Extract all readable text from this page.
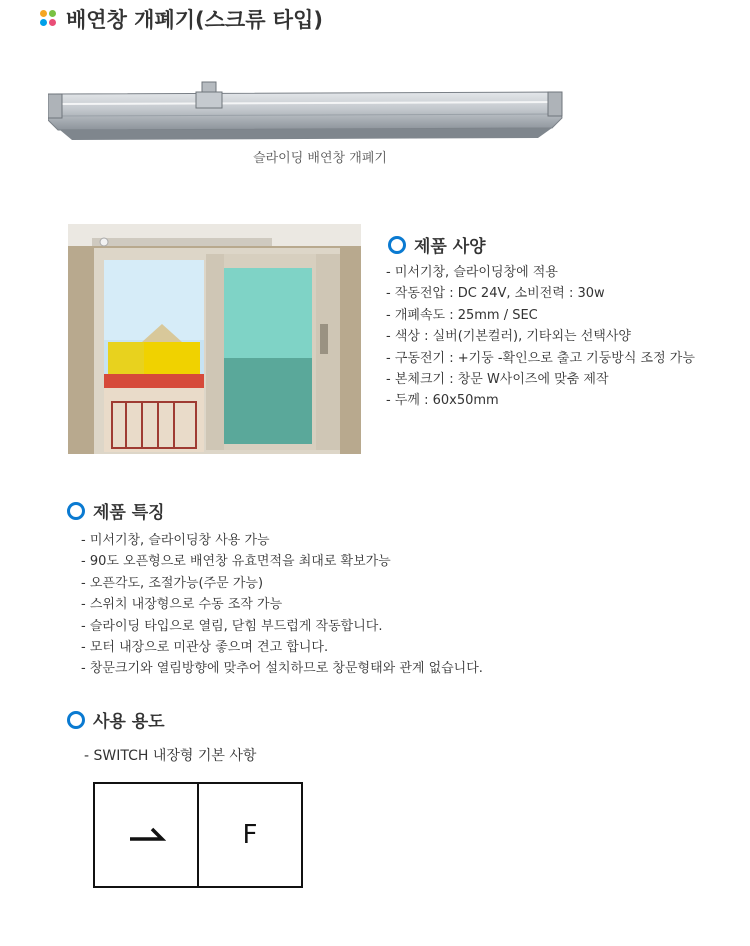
배연창 개폐기(스크류 타입)
슬라이딩 배연창 개폐기
제품 사양
- 미서기창, 슬라이딩창에 적용
- 작동전압 : DC 24V, 소비전력 : 30w
- 개폐속도 : 25mm / SEC
- 색상 : 실버(기본컬러), 기타외는 선택사양
- 구동전기 : +기둥 -확인으로 출고 기둥방식 조정 가능
- 본체크기 : 창문 W사이즈에 맞춤 제작
- 두께 : 60x50mm
제품 특징
- 미서기창, 슬라이딩창 사용 가능
- 90도 오픈형으로 배연창 유효면적을 최대로 확보가능
- 오픈각도, 조절가능(주문 가능)
- 스위치 내장형으로 수동 조작 가능
- 슬라이딩 타입으로 열림, 닫힘 부드럽게 작동합니다.
- 모터 내장으로 미관상 좋으며 견고 합니다.
- 창문크기와 열림방향에 맞추어 설치하므로 창문형태와 관계 없습니다.
사용 용도
- SWITCH 내장형 기본 사항
F
